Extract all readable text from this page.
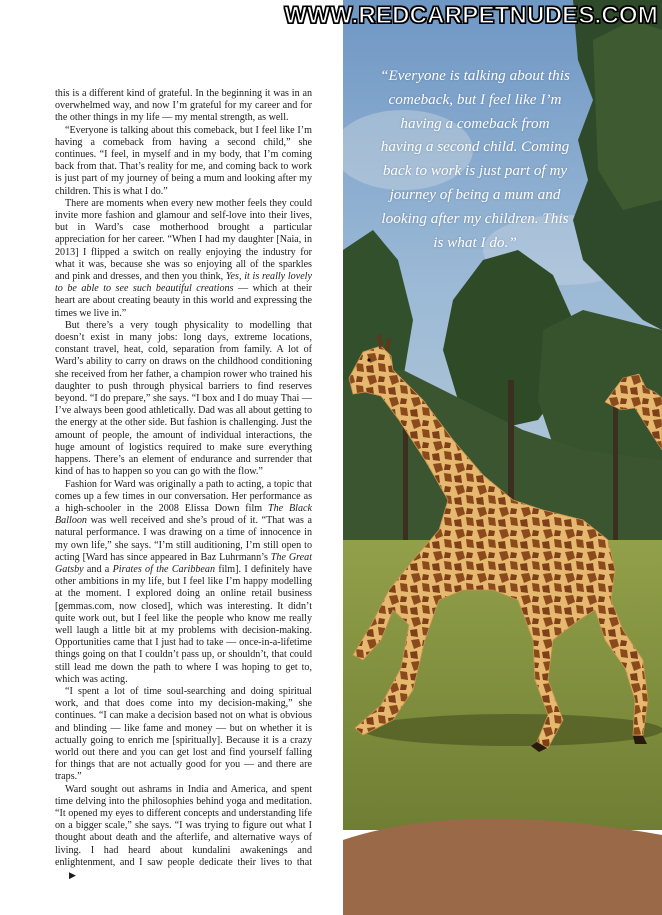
this is a different kind of grateful. In the beginning it was in an overwhelmed way, and now I’m grateful for my career and for the other things in my life — my mental strength, as well.

“Everyone is talking about this comeback, but I feel like I’m having a comeback from having a second child,” she continues. “I feel, in myself and in my body, that I’m coming back from that. That’s reality for me, and coming back to work is just part of my journey of being a mum and looking after my children. This is what I do.”

There are moments when every new mother feels they could invite more fashion and glamour and self-love into their lives, but in Ward’s case motherhood brought a particular appreciation for her career. “When I had my daughter [Naia, in 2013] I flipped a switch on really enjoying the industry for what it was, because she was so enjoying all of the sparkles and pink and dresses, and then you think, Yes, it is really lovely to be able to see such beautiful creations — which at their heart are about creating beauty in this world and expressing the times we live in.”

But there’s a very tough physicality to modelling that doesn’t exist in many jobs: long days, extreme locations, constant travel, heat, cold, separation from family. A lot of Ward’s ability to carry on draws on the childhood conditioning she received from her father, a champion rower who trained his daughter to push through physical barriers to find reserves beyond. “I do prepare,” she says. “I box and I do muay Thai — I’ve always been good athletically. Dad was all about getting to the energy at the other side. But fashion is challenging. Just the amount of people, the amount of individual interactions, the huge amount of logistics required to make sure everything happens. There’s an element of endurance and surrender that kind of has to happen so you can go with the flow.”

Fashion for Ward was originally a path to acting, a topic that comes up a few times in our conversation. Her performance as a high-schooler in the 2008 Elissa Down film The Black Balloon was well received and she’s proud of it. “That was a natural performance. I was drawing on a time of innocence in my own life,” she says. “I’m still auditioning, I’m still open to acting [Ward has since appeared in Baz Luhrmann’s The Great Gatsby and a Pirates of the Caribbean film]. I definitely have other ambitions in my life, but I feel like I’m happy modelling at the moment. I explored doing an online retail business [gemmas.com, now closed], which was interesting. It didn’t quite work out, but I feel like the people who know me really well laugh a little bit at my problems with decision-making. Opportunities came that I just had to take — once-in-a-lifetime things going on that I couldn’t pass up, or shouldn’t, that could still lead me down the path to where I was hoping to get to, which was acting.

“I spent a lot of time soul-searching and doing spiritual work, and that does come into my decision-making,” she continues. “I can make a decision based not on what is obvious and blinding — like fame and money — but on whether it is actually going to enrich me [spiritually]. Because it is a crazy world out there and you can get lost and find yourself falling for things that are not actually good for you — and there are traps.”

Ward sought out ashrams in India and America, and spent time delving into the philosophies behind yoga and meditation. “It opened my eyes to different concepts and understanding life on a bigger scale,” she says. “I was trying to figure out what I thought about death and the afterlife, and alternative ways of living. I had heard about kundalini awakenings and enlightenment, and I saw people dedicate their lives to that▶

“Everyone is talking about this comeback, but I feel like I’m having a comeback from having a second child. Coming back to work is just part of my journey of being a mum and looking after my children. This is what I do.”
WWW.REDCARPETNUDES.COM
